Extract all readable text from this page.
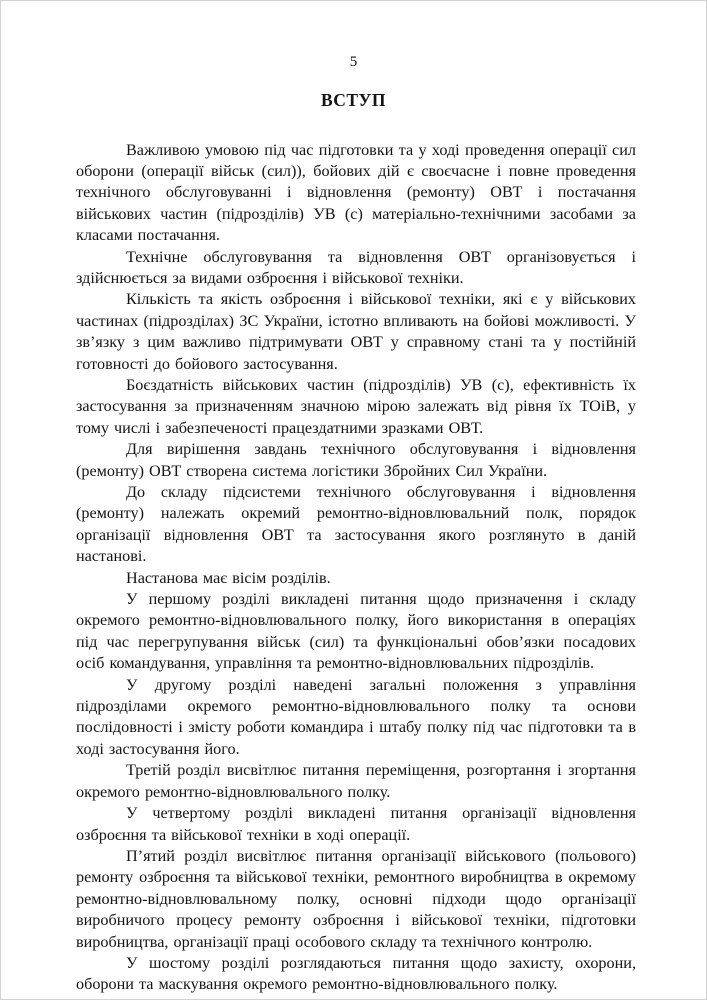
5
ВСТУП

Важливою умовою під час підготовки та у ході проведення операції сил оборони (операції військ (сил)), бойових дій є своєчасне і повне проведення технічного обслуговуванні і відновлення (ремонту) ОВТ і постачання військових частин (підрозділів) УВ (с) матеріально-технічними засобами за класами постачання.

Технічне обслуговування та відновлення ОВТ організовується і здійснюється за видами озброєння і військової техніки.

Кількість та якість озброєння і військової техніки, які є у військових частинах (підрозділах) ЗС України, істотно впливають на бойові можливості. У зв’язку з цим важливо підтримувати ОВТ у справному стані та у постійній готовності до бойового застосування.

Боєздатність військових частин (підрозділів) УВ (с), ефективність їх застосування за призначенням значною мірою залежать від рівня їх ТОіВ, у тому числі і забезпеченості працездатними зразками ОВТ.

Для вирішення завдань технічного обслуговування і відновлення (ремонту) ОВТ створена система логістики Збройних Сил України.

До складу підсистеми технічного обслуговування і відновлення (ремонту) належать окремий ремонтно-відновлювальний полк, порядок організації відновлення ОВТ та застосування якого розглянуто в даній настанові.

Настанова має вісім розділів.

У першому розділі викладені питання щодо призначення і складу окремого ремонтно-відновлювального полку, його використання в операціях під час перегрупування військ (сил) та функціональні обов’язки посадових осіб командування, управління та ремонтно-відновлювальних підрозділів.

У другому розділі наведені загальні положення з управління підрозділами окремого ремонтно-відновлювального полку та основи послідовності і змісту роботи командира і штабу полку під час підготовки та в ході застосування його.

Третій розділ висвітлює питання переміщення, розгортання і згортання окремого ремонтно-відновлювального полку.

У четвертому розділі викладені питання організації відновлення озброєння та військової техніки в ході операції.

П’ятий розділ висвітлює питання організації військового (польового) ремонту озброєння та військової техніки, ремонтного виробництва в окремому ремонтно-відновлювальному полку, основні підходи щодо організації виробничого процесу ремонту озброєння і військової техніки, підготовки виробництва, організації праці особового складу та технічного контролю.

У шостому розділі розглядаються питання щодо захисту, охорони, оборони та маскування окремого ремонтно-відновлювального полку.
